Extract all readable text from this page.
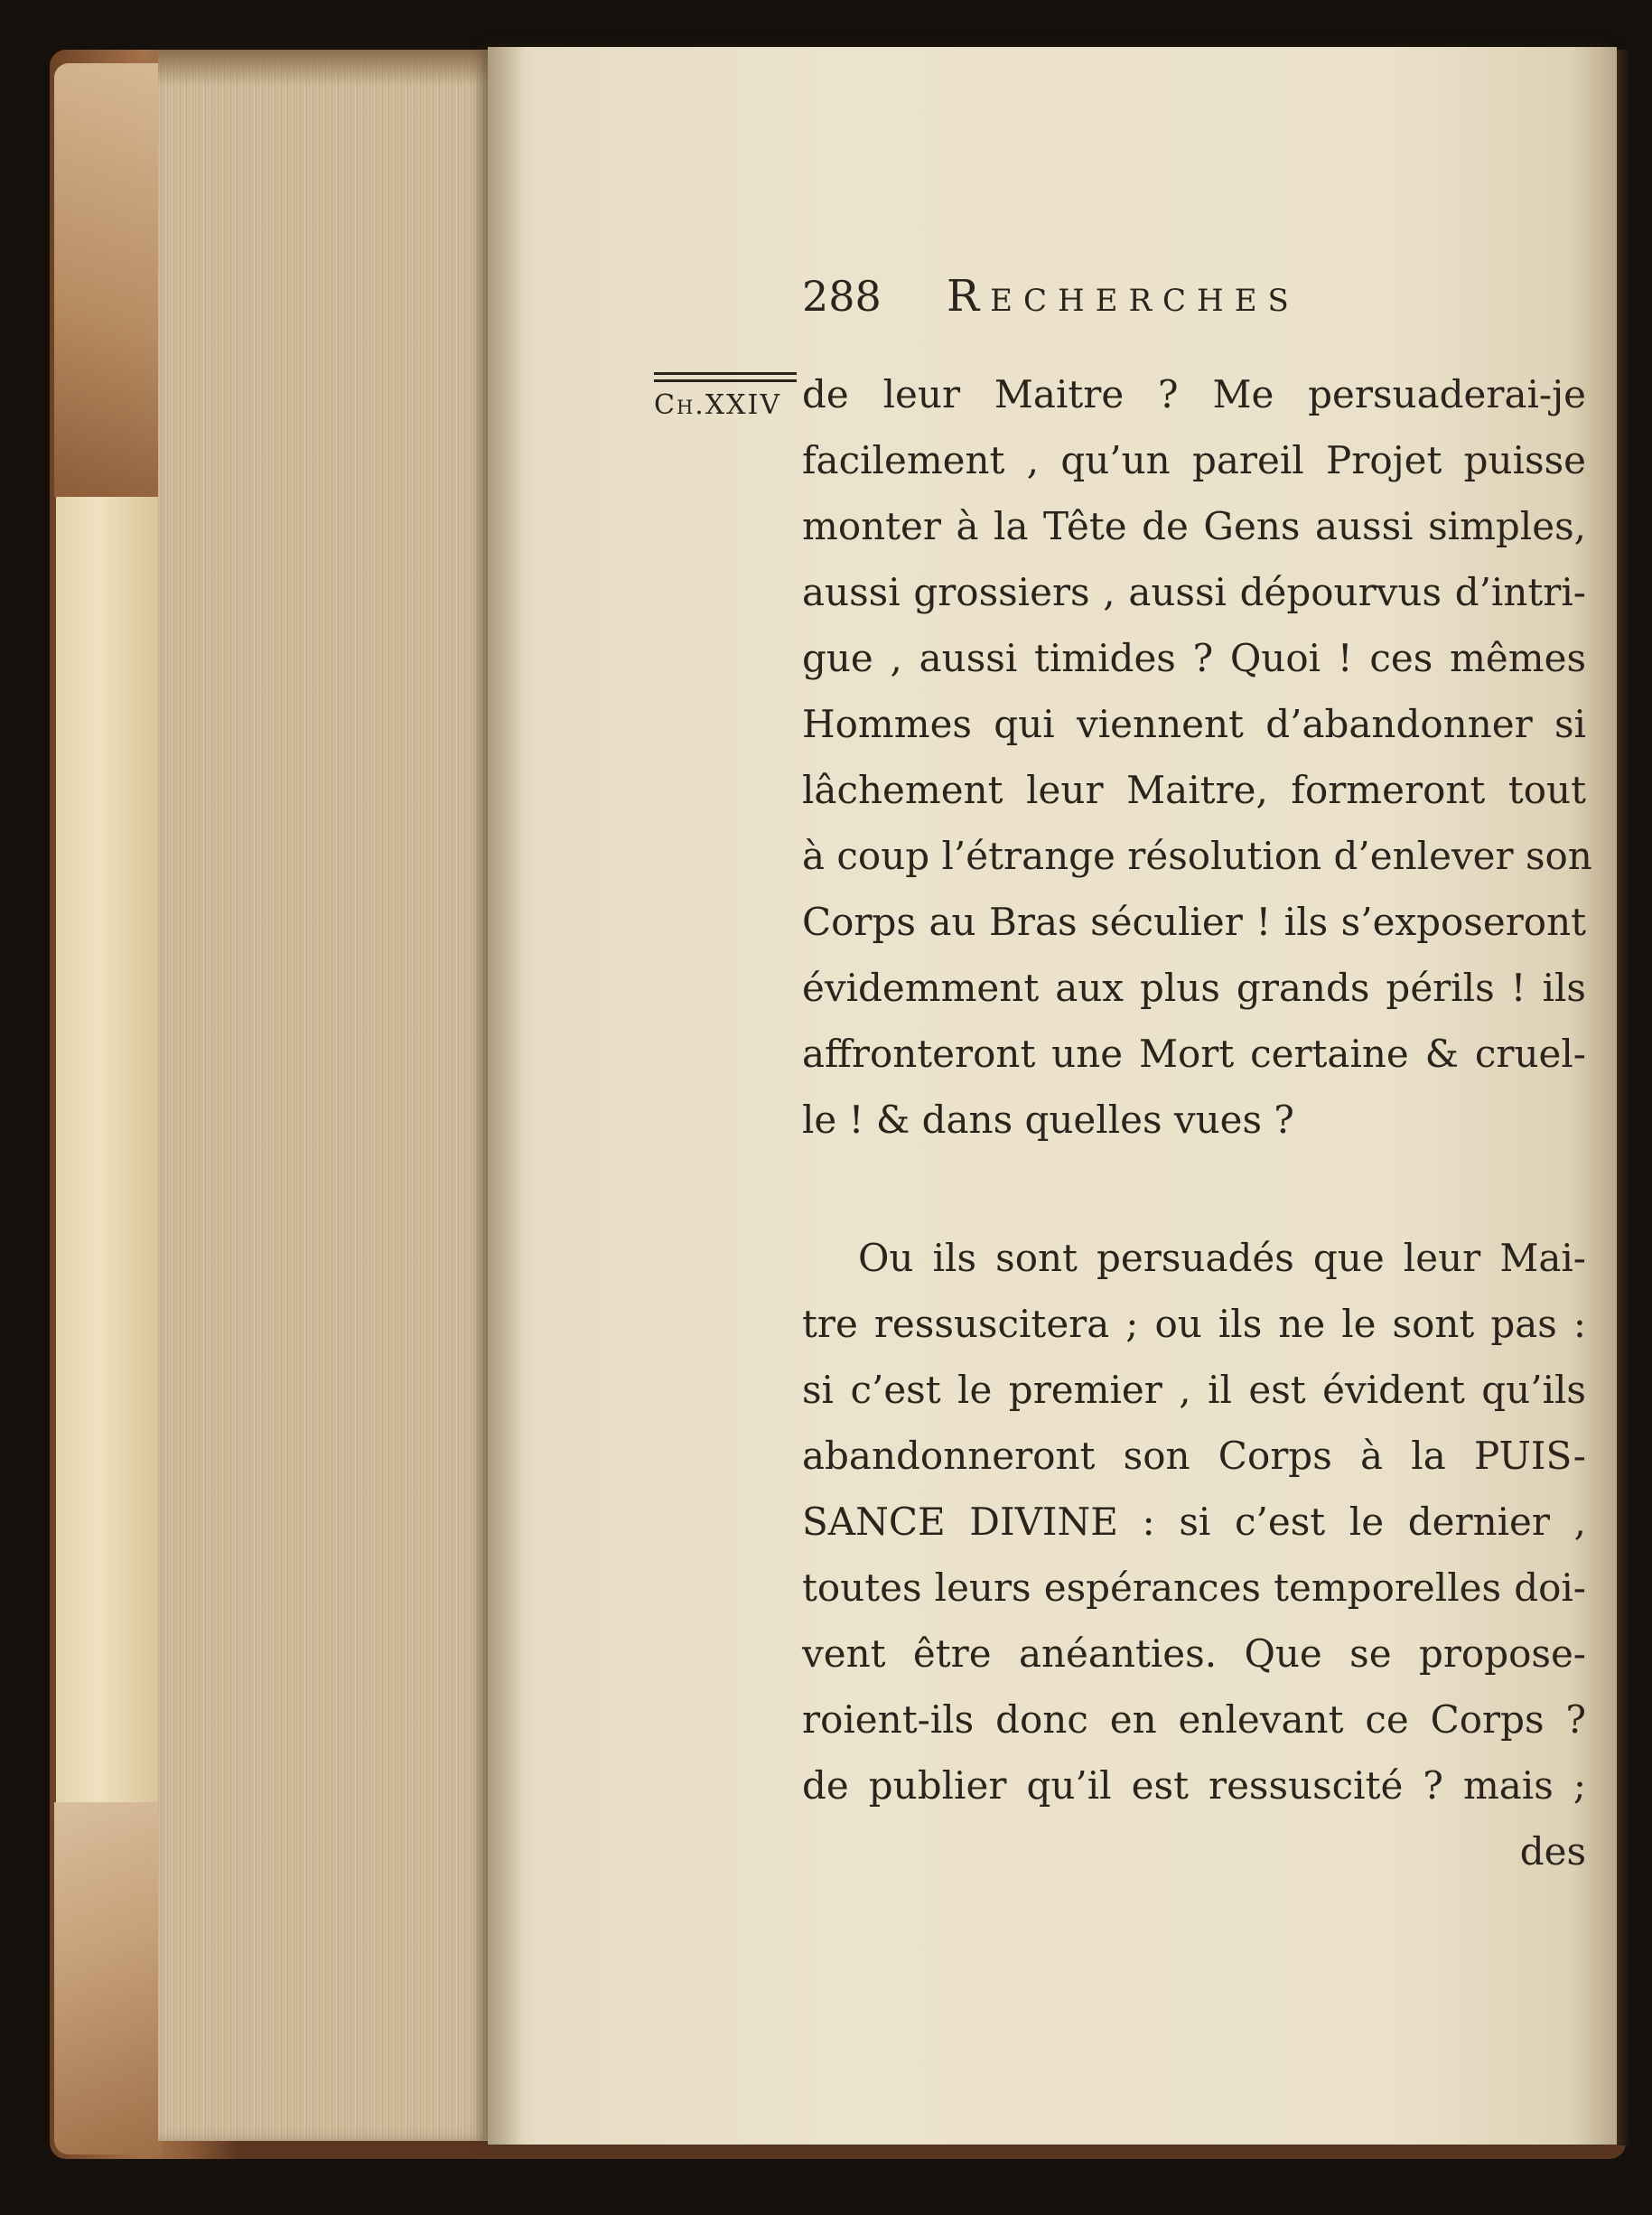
288	Recherches
Ch.XXIV de leur Maitre ? Me persuaderai-je
facilement , qu’un pareil Projet puisse
monter à la Tête de Gens aussi simples,
aussi grossiers , aussi dépourvus d’intri-
gue , aussi timides ? Quoi ! ces mêmes
Hommes qui viennent d’abandonner si
lâchement leur Maitre, formeront tout
à coup l’étrange résolution d’enlever son
Corps au Bras séculier ! ils s’exposeront
évidemment aux plus grands périls ! ils
affronteront une Mort certaine & cruel-
le ! & dans quelles vues ?
Ou ils sont persuadés que leur Mai-
tre ressuscitera ; ou ils ne le sont pas :
si c’est le premier , il est évident qu’ils
abandonneront son Corps à la PUIS-
SANCE DIVINE : si c’est le dernier ,
toutes leurs espérances temporelles doi-
vent être anéanties. Que se propose-
roient-ils donc en enlevant ce Corps ?
de publier qu’il est ressuscité ? mais ;
des
